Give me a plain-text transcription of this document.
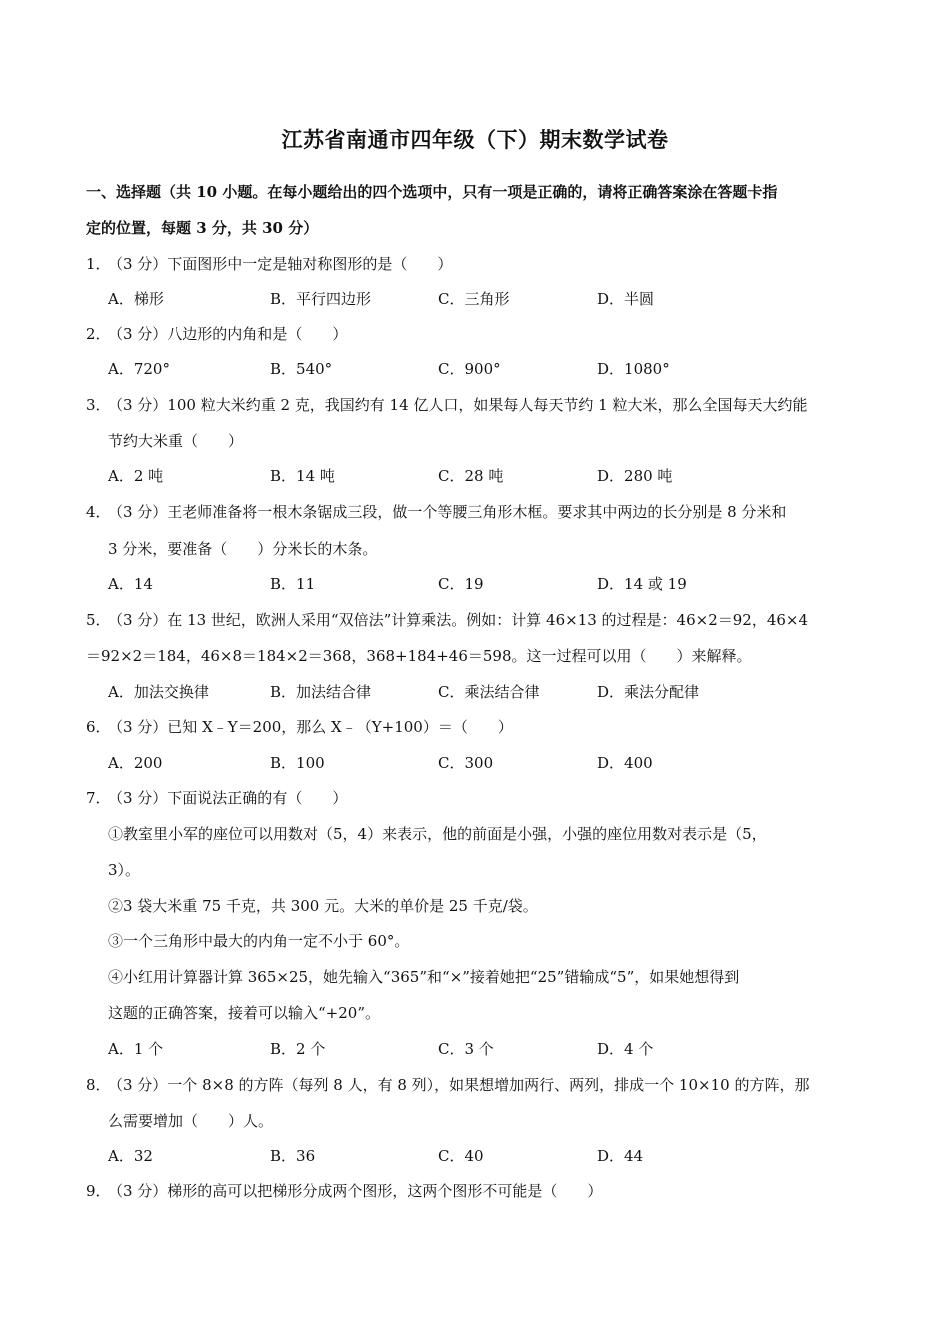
江苏省南通市四年级（下）期末数学试卷
一、选择题（共 10 小题。在每小题给出的四个选项中，只有一项是正确的，请将正确答案涂在答题卡指
定的位置，每题 3 分，共 30 分）
1．（3 分）下面图形中一定是轴对称图形的是（　　）
A．梯形	B．平行四边形	C．三角形	D．半圆
2．（3 分）八边形的内角和是（　　）
A．720°	B．540°	C．900°	D．1080°
3．（3 分）100 粒大米约重 2 克，我国约有 14 亿人口，如果每人每天节约 1 粒大米，那么全国每天大约能
节约大米重（　　）
A．2 吨	B．14 吨	C．28 吨	D．280 吨
4．（3 分）王老师准备将一根木条锯成三段，做一个等腰三角形木框。要求其中两边的长分别是 8 分米和
3 分米，要准备（　　）分米长的木条。
A．14	B．11	C．19	D．14 或 19
5．（3 分）在 13 世纪，欧洲人采用“双倍法”计算乘法。例如：计算 46×13 的过程是：46×2＝92，46×4
＝92×2＝184，46×8＝184×2＝368，368+184+46＝598。这一过程可以用（　　）来解释。
A．加法交换律	B．加法结合律	C．乘法结合律	D．乘法分配律
6．（3 分）已知 X﹣Y＝200，那么 X﹣（Y+100）＝（　　）
A．200	B．100	C．300	D．400
7．（3 分）下面说法正确的有（　　）
①教室里小军的座位可以用数对（5，4）来表示，他的前面是小强，小强的座位用数对表示是（5，
3）。
②3 袋大米重 75 千克，共 300 元。大米的单价是 25 千克/袋。
③一个三角形中最大的内角一定不小于 60°。
④小红用计算器计算 365×25，她先输入“365”和“×”接着她把“25”错输成“5”，如果她想得到
这题的正确答案，接着可以输入“+20”。
A．1 个	B．2 个	C．3 个	D．4 个
8．（3 分）一个 8×8 的方阵（每列 8 人，有 8 列），如果想增加两行、两列，排成一个 10×10 的方阵，那
么需要增加（　　）人。
A．32	B．36	C．40	D．44
9．（3 分）梯形的高可以把梯形分成两个图形，这两个图形不可能是（　　）
